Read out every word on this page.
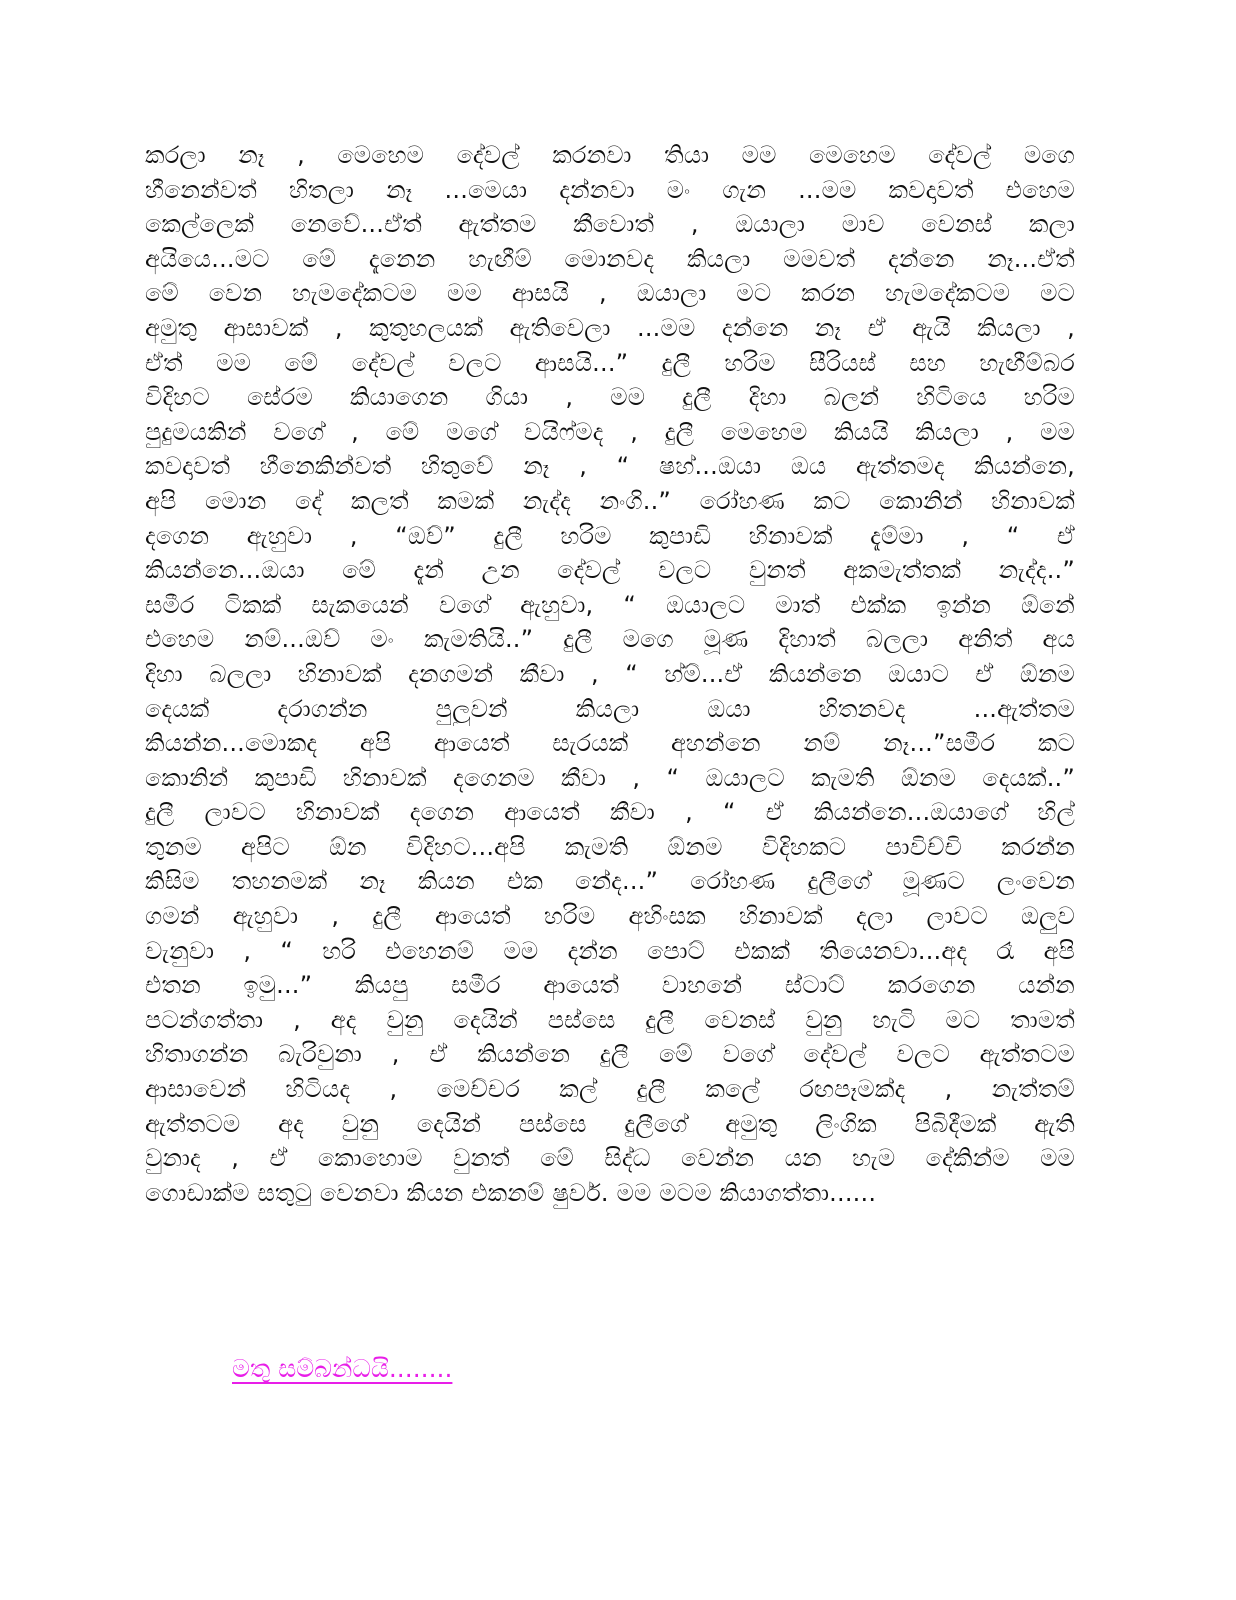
කරලා නෑ , මෙහෙම දේවල් කරනවා තියා මම මෙහෙම දේවල් මගෙ
හීනෙන්වත් හිතලා නෑ ...මෙයා දන්නවා මං ගැන ...මම කවදාවත් එහෙම
කෙල්ලෙක් නෙවේ...ඒත් ඇත්තම කීවොත් , ඔයාලා මාව වෙනස් කලා
අයියෙ...මට මේ දැනෙන හැඟීම් මොනවද කියලා මමවත් දන්නෙ නෑ...ඒත්
මේ වෙන හැමදේකටම මම ආසයි , ඔයාලා මට කරන හැමදේකටම මට
අමුතු ආසාවක් , කුතුහලයක් ඇතිවෙලා ...මම දන්නෙ නෑ ඒ ඇයි කියලා ,
ඒත් මම මේ දේවල් වලට ආසයි...” දුලී හරිම සීරියස් සහ හැඟීම්බර
විදිහට සේරම කියාගෙන ගියා , මම දුලී දිහා බලන් හිටියෙ හරිම
පුදුමයකින් වගේ , මේ මගේ වයිෆ්මද , දුලී මෙහෙම කියයි කියලා , මම
කවදාවත් හීනෙකින්වත් හිතුවේ නෑ , “ ෂහ්...ඔයා ඔය ඇත්තමද කියන්නෙ,
අපි මොන දේ කලත් කමක් නැද්ද නංගි..” රෝහණ කට කොනින් හිනාවක්
දගෙන ඇහුවා , “ඔව්” දුලී හරිම කුපාඩි හිනාවක් දැම්මා , “ ඒ
කියන්නෙ...ඔයා මේ දැන් උන දේවල් වලට වුනත් අකමැත්තක් නැද්ද..”
සමීර ටිකක් සැකයෙන් වගේ ඇහුවා, “ ඔයාලට මාත් එක්ක ඉන්න ඕනේ
එහෙම නම්...ඔව් මං කැමතියි..” දුලී මගෙ මූණ දිහාත් බලලා අනිත් අය
දිහා බලලා හිනාවක් දනගමන් කීවා , “ හ්ම්...ඒ කියන්නෙ ඔයාට ඒ ඕනම
දෙයක් දරාගන්න පුලුවන් කියලා ඔයා හිතනවද ...ඇත්තම
කියන්න...මොකද අපි ආයෙත් සැරයක් අහන්නෙ නම් නෑ...”සමීර කට
කොනින් කුපාඩි හිනාවක් දගෙනම කීවා , “ ඔයාලට කැමති ඕනම දෙයක්..”
දුලී ලාවට හිනාවක් දගෙන ආයෙත් කීවා , “ ඒ කියන්නෙ...ඔයාගේ හිල්
තුනම අපිට ඕන විදිහට...අපි කැමති ඕනම විදිහකට පාවිච්චි කරන්න
කිසිම තහනමක් නෑ කියන එක නේද...” රෝහණ දුලීගේ මූණට ලංවෙන
ගමන් ඇහුවා , දුලී ආයෙත් හරිම අහිංසක හිනාවක් දලා ලාවට ඔලුව
වැනුවා , “ හරි එහෙනම් මම දන්න පොට් එකක් තියෙනවා...අද රෑ අපි
එතන ඉමු...” කියපු සමීර ආයෙත් වාහනේ ස්ටාට් කරගෙන යන්න
පටන්ගත්තා , අද වුනු දෙයින් පස්සෙ දුලී වෙනස් වුනු හැටි මට තාමත්
හිතාගන්න බැරිවුනා , ඒ කියන්නෙ දුලී මේ වගේ දේවල් වලට ඇත්තටම
ආසාවෙන් හිටියද , මෙච්චර කල් දුලී කලේ රඟපෑමක්ද , නැත්තම්
ඇත්තටම අද වුනු දෙයින් පස්සෙ දුලීගේ අමුතු ලිංගික පිබිදීමක් ඇති
වුනාද , ඒ කොහොම වුනත් මේ සිද්ධ වෙන්න යන හැම දේකින්ම මම
ගොඩාක්ම සතුටු වෙනවා කියන එකනම් ෂුවර්. මම මටම කියාගත්තා......
මතු සම්බන්ධයි........
